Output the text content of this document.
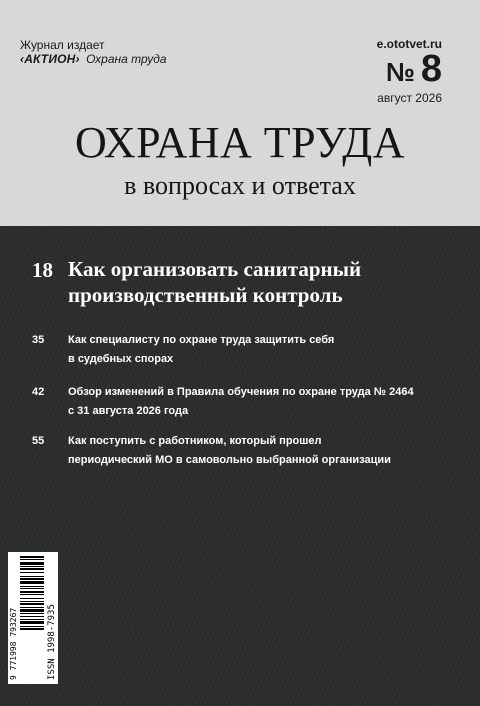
Журнал издает
‹АКТИОН› Охрана труда
e.ototvet.ru
№ 8
август 2026
ОХРАНА ТРУДА
в вопросах и ответах
18 Как организовать санитарный
производственный контроль
35 Как специалисту по охране труда защитить себя
в судебных спорах
42 Обзор изменений в Правила обучения по охране труда № 2464
с 31 августа 2026 года
55 Как поступить с работником, который прошел
периодический МО в самовольно выбранной организации
9 771998 793267	ISSN 1998-7935
